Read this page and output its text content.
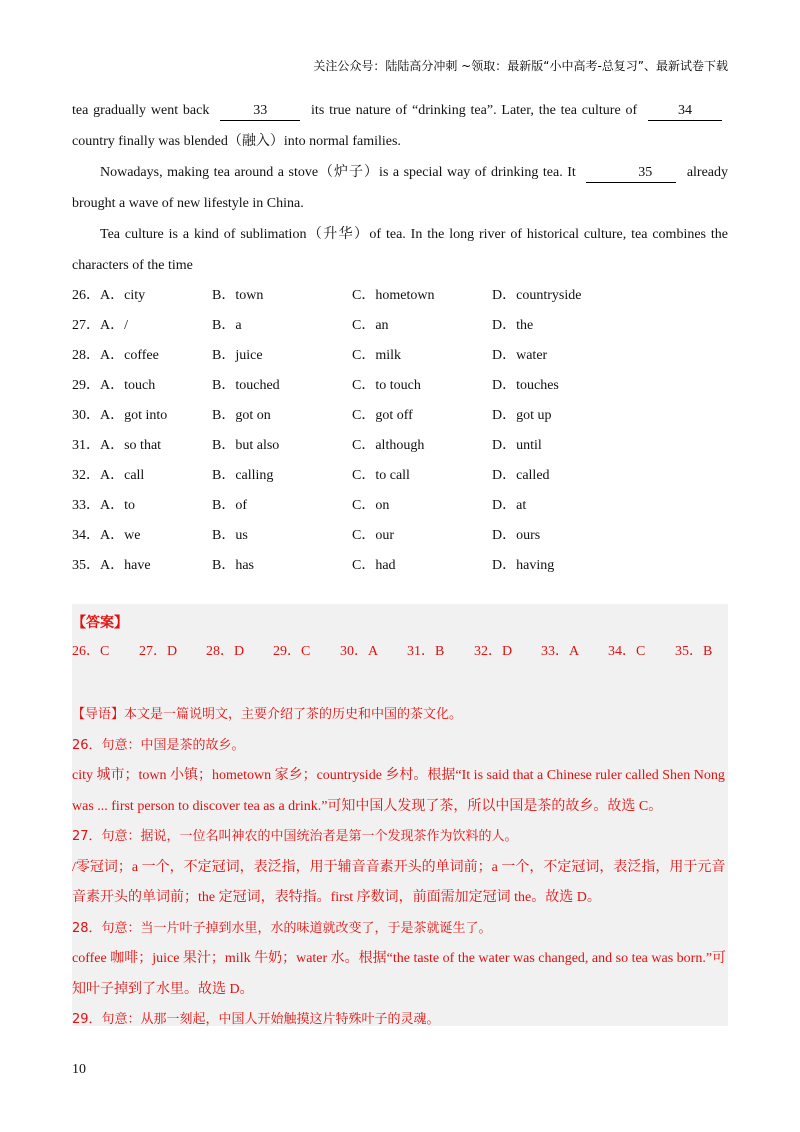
关注公众号：陆陆高分冲刺 ~领取：最新版“小中高考-总复习”、最新试卷下载

tea gradually went back	33	its true nature of “drinking tea”. Later, the tea culture of	34 country finally was blended（融入）into normal families.

Nowadays, making tea around a stove（炉子）is a special way of drinking tea. It	35 already brought a wave of new lifestyle in China.

Tea culture is a kind of sublimation（升华）of tea. In the long river of historical culture, tea combines the characters of the time

26．A．city	B．town	C．hometown	D．countryside
27．A．/	B．a	C．an	D．the
28．A．coffee	B．juice	C．milk	D．water
29．A．touch	B．touched	C．to touch	D．touches
30．A．got into	B．got on	C．got off	D．got up
31．A．so that	B．but also	C．although	D．until
32．A．call	B．calling	C．to call	D．called
33．A．to	B．of	C．on	D．at
34．A．we	B．us	C．our	D．ours
35．A．have	B．has	C．had	D．having
【答案】
26．C	27．D	28．D	29．C	30．A	31．B	32．D	33．A	34．C	35．B

【导语】本文是一篇说明文，主要介绍了茶的历史和中国的茶文化。

26．句意：中国是茶的故乡。

city 城市；town 小镇；hometown 家乡；countryside 乡村。根据“It is said that a Chinese ruler called Shen Nong was ... first person to discover tea as a drink.”可知中国人发现了茶，所以中国是茶的故乡。故选 C。

27．句意：据说，一位名叫神农的中国统治者是第一个发现茶作为饮料的人。

/零冠词；a 一个，不定冠词，表泛指，用于辅音音素开头的单词前；a 一个，不定冠词，表泛指，用于元音音素开头的单词前；the 定冠词，表特指。first 序数词，前面需加定冠词 the。故选 D。

28．句意：当一片叶子掉到水里，水的味道就改变了，于是茶就诞生了。

coffee 咖啡；juice 果汁；milk 牛奶；water 水。根据“the taste of the water was changed, and so tea was born.”可知叶子掉到了水里。故选 D。

29．句意：从那一刻起，中国人开始触摸这片特殊叶子的灵魂。

10
